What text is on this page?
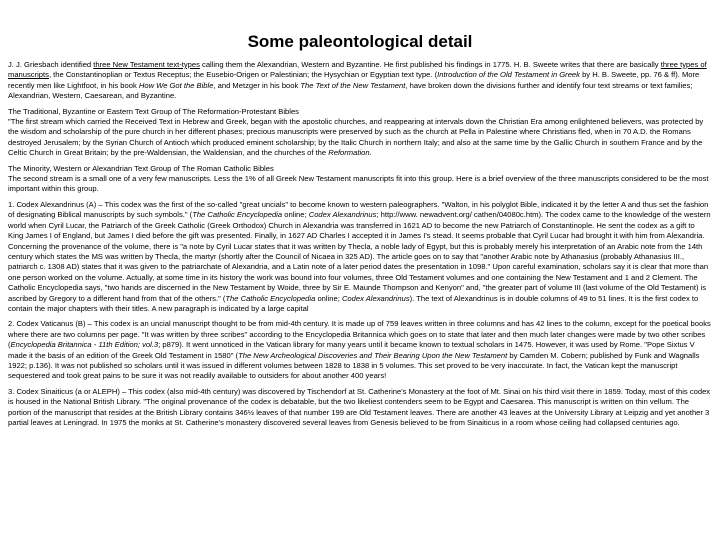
Some paleontological detail

J. J. Griesbach identified three New Testament text-types calling them the Alexandrian, Western and Byzantine. He first published his findings in 1775. H. B. Sweete writes that there are basically three types of manuscripts, the Constantinoplian or Textus Receptus; the Eusebio-Origen or Palestinian; the Hysychian or Egyptian text type. (Introduction of the Old Testament in Greek by H. B. Sweete, pp. 76 & ff). More recently men like Lightfoot, in his book How We Got the Bible, and Metzger in his book The Text of the New Testament, have broken down the divisions further and identify four text streams or text families; Alexandrian, Western, Caesarean, and Byzantine.

The Traditional, Byzantine or Eastern Text Group of The Reformation-Protestant Bibles

"The first stream which carried the Received Text in Hebrew and Greek, began with the apostolic churches, and reappearing at intervals down the Christian Era among enlightened believers, was protected by the wisdom and scholarship of the pure church in her different phases; precious manuscripts were preserved by such as the church at Pella in Palestine where Christians fled, when in 70 A.D. the Romans destroyed Jerusalem; by the Syrian Church of Antioch which produced eminent scholarship; by the Italic Church in northern Italy; and also at the same time by the Gallic Church in southern France and by the Celtic Church in Great Britain; by the pre-Waldensian, the Waldensian, and the churches of the Reformation.

The Minority, Western or Alexandrian Text Group of The Roman Catholic Bibles

The second stream is a small one of a very few manuscripts. Less the 1% of all Greek New Testament manuscripts fit into this group. Here is a brief overview of the three manuscripts considered to be the most important within this group.

1. Codex Alexandrinus (A) – This codex was the first of the so-called "great uncials" to become known to western paleographers. "Walton, in his polyglot Bible, indicated it by the letter A and thus set the fashion of designating Biblical manuscripts by such symbols." (The Catholic Encyclopedia online; Codex Alexandrinus; http://www. newadvent.org/ cathen/04080c.htm). The codex came to the knowledge of the western world when Cyril Lucar, the Patriarch of the Greek Catholic (Greek Orthodox) Church in Alexandria was transferred in 1621 AD to become the new Patriarch of Constantinople. He sent the codex as a gift to King James I of England, but James I died before the gift was presented. Finally, in 1627 AD Charles I accepted it in James I's stead. It seems probable that Cyril Lucar had brought it with him from Alexandria. Concerning the provenance of the volume, there is "a note by Cyril Lucar states that it was written by Thecla, a noble lady of Egypt, but this is probably merely his interpretation of an Arabic note from the 14th century which states the MS was written by Thecla, the martyr (shortly after the Council of Nicaea in 325 AD). The article goes on to say that "another Arabic note by Athanasius (probably Athanasius III., patriarch c. 1308 AD) states that it was given to the patriarchate of Alexandria, and a Latin note of a later period dates the presentation in 1098." Upon careful examination, scholars say it is clear that more than one person worked on the volume. Actually, at some time in its history the work was bound into four volumes, three Old Testament volumes and one containing the New Testament and 1 and 2 Clement. The Catholic Encyclopedia says, "two hands are discerned in the New Testament by Woide, three by Sir E. Maunde Thompson and Kenyon" and, "the greater part of volume III (last volume of the Old Testament) is ascribed by Gregory to a different hand from that of the others." (The Catholic Encyclopedia online; Codex Alexandrinus). The text of Alexandrinus is in double columns of 49 to 51 lines. It is the first codex to contain the major chapters with their titles. A new paragraph is indicated by a large capital

2. Codex Vaticanus (B) – This codex is an uncial manuscript thought to be from mid-4th century. It is made up of 759 leaves written in three columns and has 42 lines to the column, except for the poetical books where there are two columns per page. "It was written by three scribes" according to the Encyclopedia Britannica which goes on to state that later and then much later changes were made by two other scribes (Encyclopedia Britannica - 11th Edition; vol.3; p879). It went unnoticed in the Vatican library for many years until it became known to textual scholars in 1475. However, it was used by Rome. "Pope Sixtus V made it the basis of an edition of the Greek Old Testament in 1580" (The New Archeological Discoveries and Their Bearing Upon the New Testament by Camden M. Cobern; published by Funk and Wagnalls 1922; p.136). It was not published so scholars until it was issued in different volumes between 1828 to 1838 in 5 volumes. This set proved to be very inaccurate. In fact, the Vatican kept the manuscript sequestered and took great pains to be sure it was not readily available to outsiders for about another 400 years!

3. Codex Sinaiticus (a or ALEPH) – This codex (also mid-4th century) was discovered by Tischendorf at St. Catherine's Monastery at the foot of Mt. Sinai on his third visit there in 1859. Today, most of this codex is housed in the National British Library. "The original provenance of the codex is debatable, but the two likeliest contenders seem to be Egypt and Caesarea. This manuscript is written on thin vellum. The portion of the manuscript that resides at the British Library contains 346½ leaves of that number 199 are Old Testament leaves. There are another 43 leaves at the University Library at Leipzig and yet another 3 partial leaves at Leningrad. In 1975 the monks at St. Catherine's monastery discovered several leaves from Genesis believed to be from Sinaiticus in a room whose ceiling had collapsed centuries ago.
